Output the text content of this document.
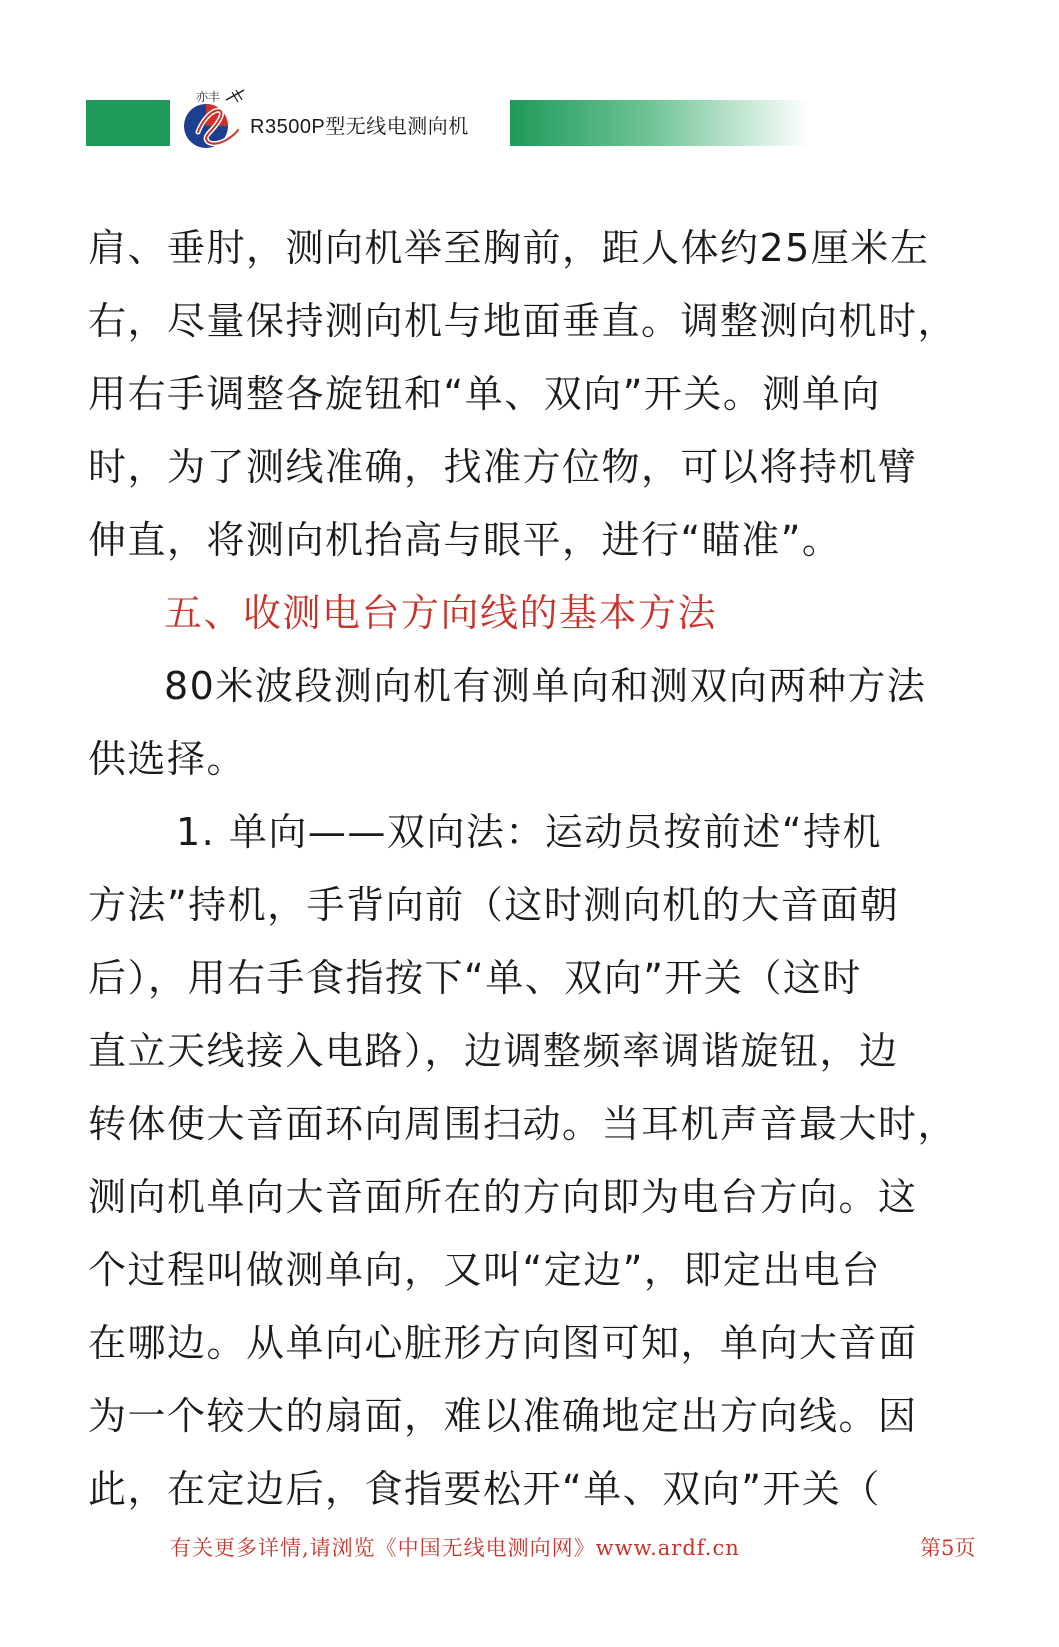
亦丰
R3500P型无线电测向机
肩、垂肘，测向机举至胸前，距人体约25厘米左
右，尽量保持测向机与地面垂直。调整测向机时，
用右手调整各旋钮和“单、双向”开关。测单向
时，为了测线准确，找准方位物，可以将持机臂
伸直，将测向机抬高与眼平，进行“瞄准”。
五、收测电台方向线的基本方法
80米波段测向机有测单向和测双向两种方法
供选择。
1. 单向——双向法：运动员按前述“持机
方法”持机，手背向前（这时测向机的大音面朝
后），用右手食指按下“单、双向”开关（这时
直立天线接入电路），边调整频率调谐旋钮，边
转体使大音面环向周围扫动。当耳机声音最大时，
测向机单向大音面所在的方向即为电台方向。这
个过程叫做测单向，又叫“定边”，即定出电台
在哪边。从单向心脏形方向图可知，单向大音面
为一个较大的扇面，难以准确地定出方向线。因
此，在定边后，食指要松开“单、双向”开关（
有关更多详情,请浏览《中国无线电测向网》www.ardf.cn	第5页
